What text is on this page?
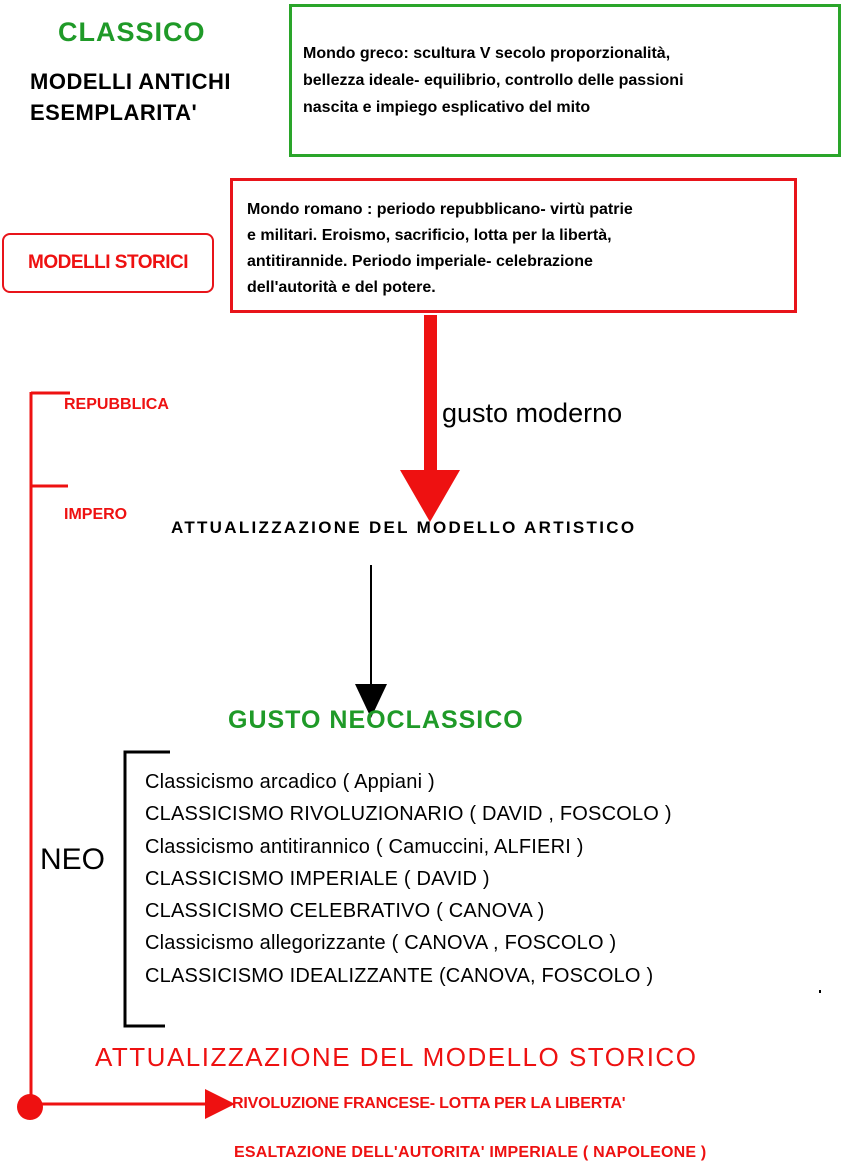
CLASSICO
MODELLI ANTICHI
ESEMPLARITA'

Mondo greco: scultura V secolo proporzionalità,

bellezza ideale- equilibrio, controllo delle passioni

nascita e impiego esplicativo del mito

Mondo romano : periodo repubblicano- virtù patrie

e militari. Eroismo, sacrificio, lotta per la libertà,

antitirannide. Periodo imperiale- celebrazione

dell'autorità e del potere.

MODELLI STORICI
gusto moderno
REPUBBLICA
IMPERO
ATTUALIZZAZIONE DEL MODELLO ARTISTICO
GUSTO NEOCLASSICO
NEO
Classicismo arcadico ( Appiani )
CLASSICISMO RIVOLUZIONARIO ( DAVID , FOSCOLO )
Classicismo antitirannico ( Camuccini, ALFIERI )
CLASSICISMO IMPERIALE ( DAVID )
CLASSICISMO CELEBRATIVO ( CANOVA )
Classicismo allegorizzante ( CANOVA , FOSCOLO )
CLASSICISMO IDEALIZZANTE (CANOVA, FOSCOLO )
ATTUALIZZAZIONE DEL MODELLO STORICO
RIVOLUZIONE FRANCESE- LOTTA PER LA LIBERTA'
ESALTAZIONE DELL'AUTORITA' IMPERIALE ( NAPOLEONE )
